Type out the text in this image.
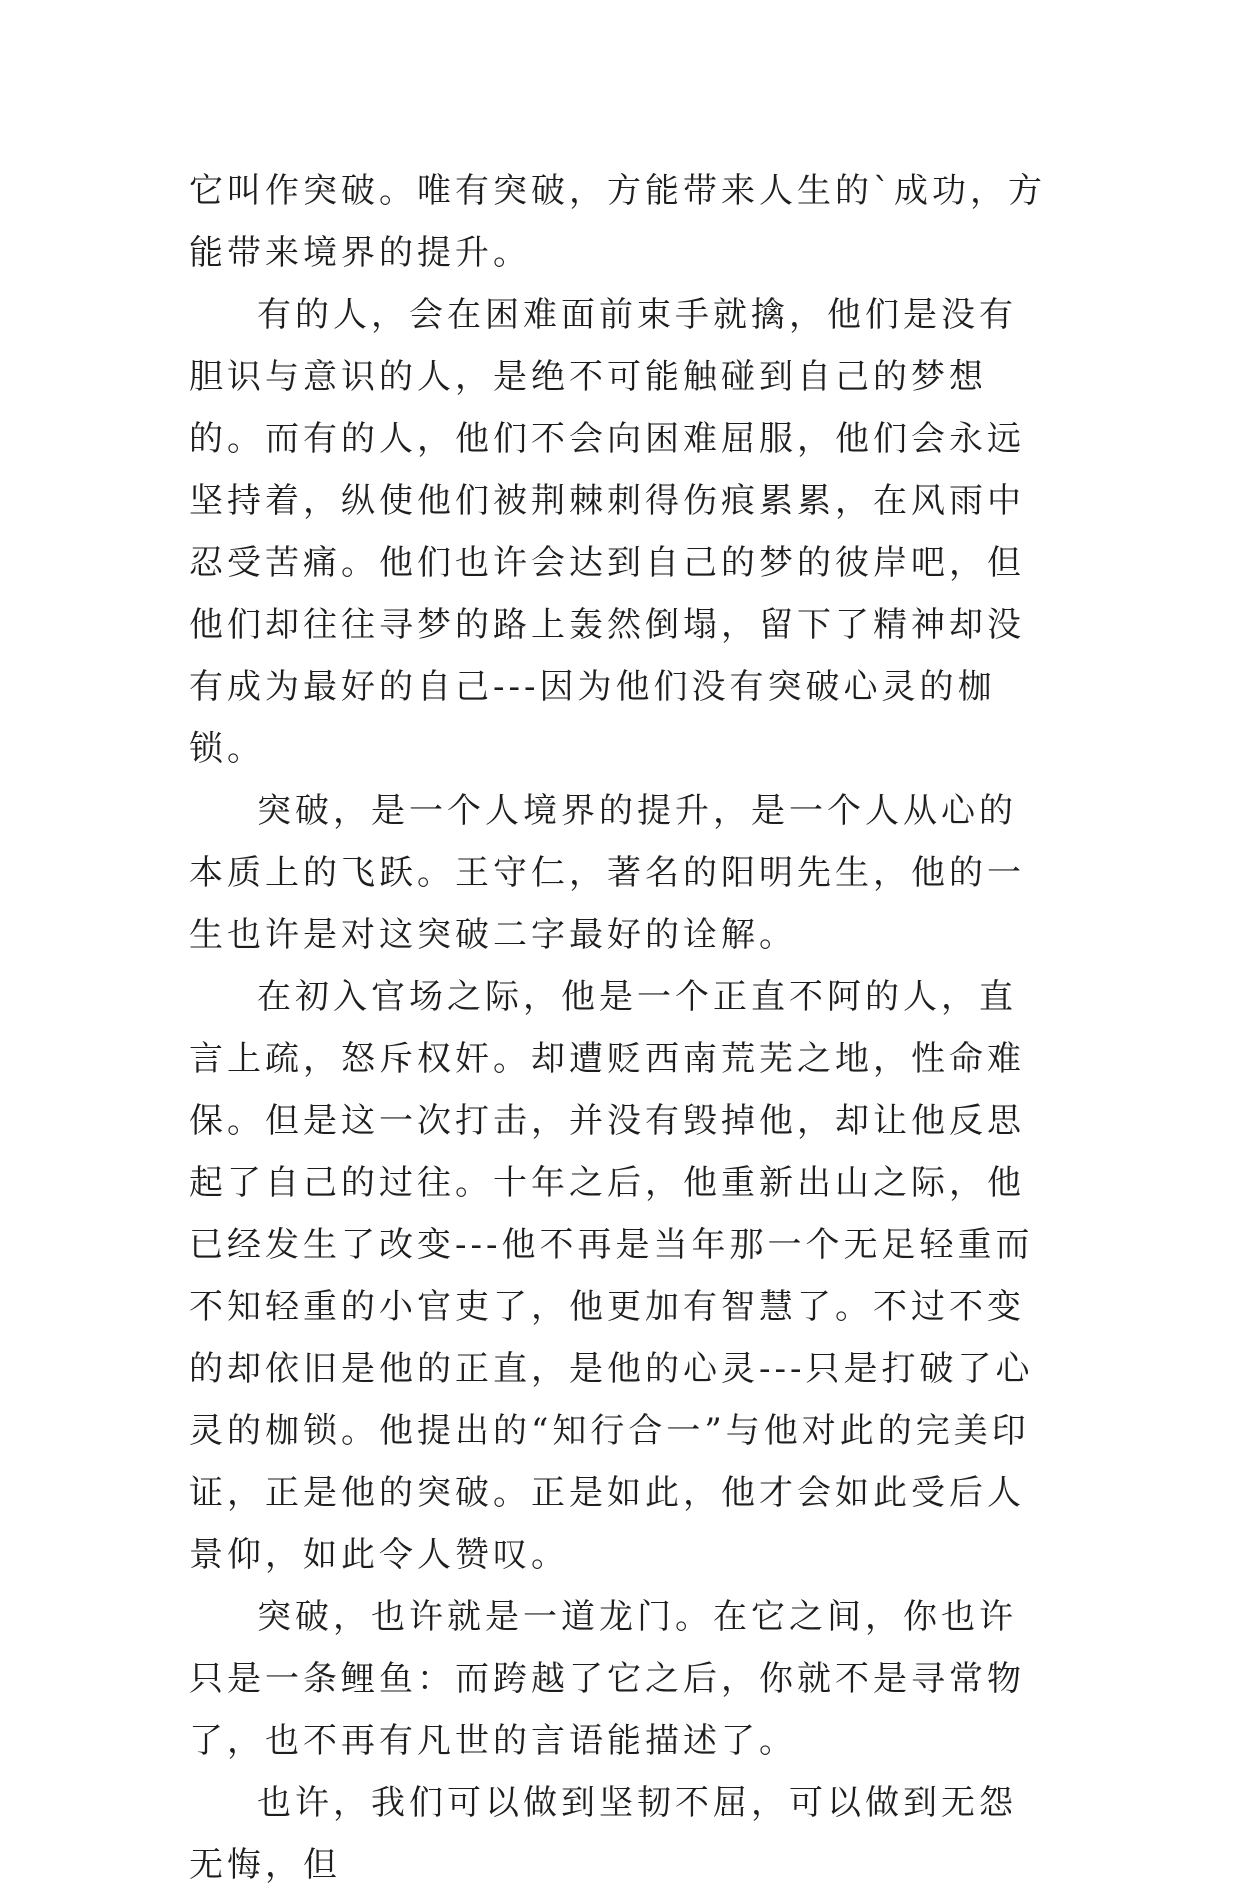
它叫作突破。唯有突破，方能带来人生的`成功，方能带来境界的提升。

有的人，会在困难面前束手就擒，他们是没有胆识与意识的人，是绝不可能触碰到自己的梦想的。而有的人，他们不会向困难屈服，他们会永远坚持着，纵使他们被荆棘刺得伤痕累累，在风雨中忍受苦痛。他们也许会达到自己的梦的彼岸吧，但他们却往往寻梦的路上轰然倒塌，留下了精神却没有成为最好的自己---因为他们没有突破心灵的枷锁。

突破，是一个人境界的提升，是一个人从心的本质上的飞跃。王守仁，著名的阳明先生，他的一生也许是对这突破二字最好的诠解。

在初入官场之际，他是一个正直不阿的人，直言上疏，怒斥权奸。却遭贬西南荒芜之地，性命难保。但是这一次打击，并没有毁掉他，却让他反思起了自己的过往。十年之后，他重新出山之际，他已经发生了改变---他不再是当年那一个无足轻重而不知轻重的小官吏了，他更加有智慧了。不过不变的却依旧是他的正直，是他的心灵---只是打破了心灵的枷锁。他提出的“知行合一”与他对此的完美印证，正是他的突破。正是如此，他才会如此受后人景仰，如此令人赞叹。

突破，也许就是一道龙门。在它之间，你也许只是一条鲤鱼：而跨越了它之后，你就不是寻常物了，也不再有凡世的言语能描述了。

也许，我们可以做到坚韧不屈，可以做到无怨无悔，但
